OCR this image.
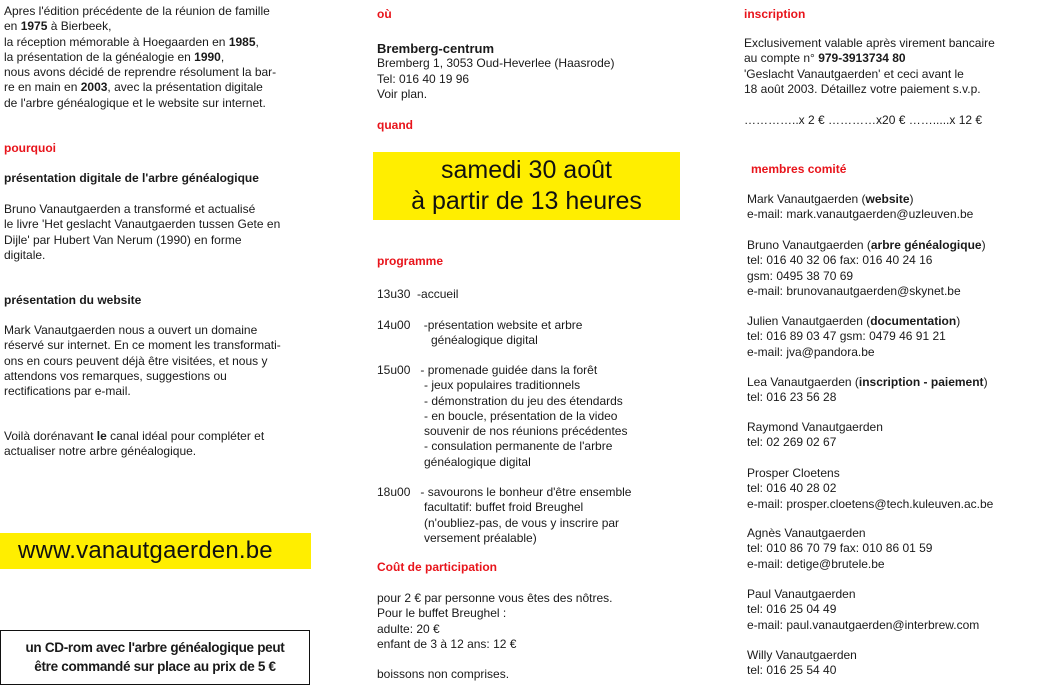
Apres l'édition précédente de la réunion de famille
en 1975 à Bierbeek,
la réception mémorable à Hoegaarden en 1985,
la présentation de la généalogie en 1990,
nous avons décidé de reprendre résolument la bar-
re en main en 2003, avec la présentation digitale
de l'arbre généalogique et le website sur internet.
pourquoi
présentation digitale de l'arbre généalogique
Bruno Vanautgaerden a transformé et actualisé
le livre 'Het geslacht Vanautgaerden tussen Gete en
Dijle' par Hubert Van Nerum (1990) en forme
digitale.
présentation du website
Mark Vanautgaerden nous a ouvert un domaine
réservé sur internet. En ce moment les transformati-
ons en cours peuvent déjà être visitées, et nous y
attendons vos remarques, suggestions ou
rectifications par e-mail.
Voilà dorénavant le canal idéal pour compléter et
actualiser notre arbre généalogique.
www.vanautgaerden.be
un CD-rom avec l'arbre généalogique peut
être commandé sur place au prix de 5 €
où
Bremberg-centrum
Bremberg 1, 3053 Oud-Heverlee (Haasrode)
Tel: 016 40 19 96
Voir plan.
quand
samedi 30 août
à partir de 13 heures
programme
13u30 -accueil
14u00 -présentation website et arbre
généalogique digital
15u00 - promenade guidée dans la forêt
- jeux populaires traditionnels
- démonstration du jeu des étendards
- en boucle, présentation de la video
souvenir de nos réunions précédentes
- consulation permanente de l'arbre
généalogique digital
18u00 - savourons le bonheur d'être ensemble
facultatif: buffet froid Breughel
(n'oubliez-pas, de vous y inscrire par
versement préalable)
Coût de participation
pour 2 € par personne vous êtes des nôtres.
Pour le buffet Breughel :
adulte: 20 €
enfant de 3 à 12 ans: 12 €
boissons non comprises.
inscription
Exclusivement valable après virement bancaire
au compte n° 979-3913734 80
'Geslacht Vanautgaerden' et ceci avant le
18 août 2003. Détaillez votre paiement s.v.p.
…………..x 2 € …………x20 € …….....x 12 €
membres comité
Mark Vanautgaerden (website)
e-mail: mark.vanautgaerden@uzleuven.be
Bruno Vanautgaerden (arbre généalogique)
tel: 016 40 32 06 fax: 016 40 24 16
gsm: 0495 38 70 69
e-mail: brunovanautgaerden@skynet.be
Julien Vanautgaerden (documentation)
tel: 016 89 03 47 gsm: 0479 46 91 21
e-mail: jva@pandora.be
Lea Vanautgaerden (inscription - paiement)
tel: 016 23 56 28
Raymond Vanautgaerden
tel: 02 269 02 67
Prosper Cloetens
tel: 016 40 28 02
e-mail: prosper.cloetens@tech.kuleuven.ac.be
Agnès Vanautgaerden
tel: 010 86 70 79 fax: 010 86 01 59
e-mail: detige@brutele.be
Paul Vanautgaerden
tel: 016 25 04 49
e-mail: paul.vanautgaerden@interbrew.com
Willy Vanautgaerden
tel: 016 25 54 40
